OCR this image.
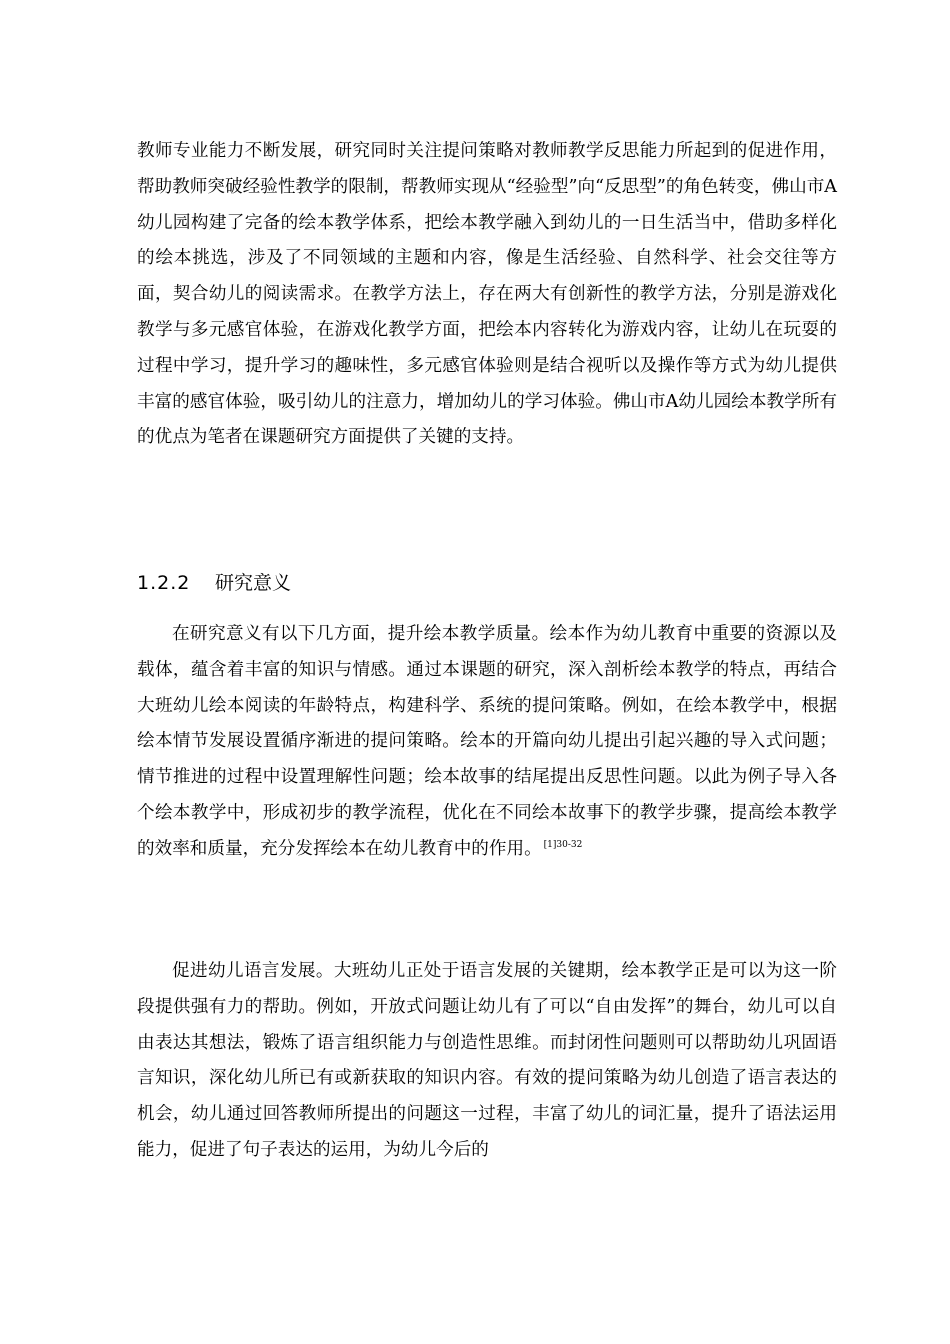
教师专业能力不断发展，研究同时关注提问策略对教师教学反思能力所起到的促进作用，帮助教师突破经验性教学的限制，帮教师实现从“经验型”向“反思型”的角色转变，佛山市A幼儿园构建了完备的绘本教学体系，把绘本教学融入到幼儿的一日生活当中，借助多样化的绘本挑选，涉及了不同领域的主题和内容，像是生活经验、自然科学、社会交往等方面，契合幼儿的阅读需求。在教学方法上，存在两大有创新性的教学方法，分别是游戏化教学与多元感官体验，在游戏化教学方面，把绘本内容转化为游戏内容，让幼儿在玩耍的过程中学习，提升学习的趣味性，多元感官体验则是结合视听以及操作等方式为幼儿提供丰富的感官体验，吸引幼儿的注意力，增加幼儿的学习体验。佛山市A幼儿园绘本教学所有的优点为笔者在课题研究方面提供了关键的支持。

1.2.2 研究意义

在研究意义有以下几方面，提升绘本教学质量。绘本作为幼儿教育中重要的资源以及载体，蕴含着丰富的知识与情感。通过本课题的研究，深入剖析绘本教学的特点，再结合大班幼儿绘本阅读的年龄特点，构建科学、系统的提问策略。例如，在绘本教学中，根据绘本情节发展设置循序渐进的提问策略。绘本的开篇向幼儿提出引起兴趣的导入式问题；情节推进的过程中设置理解性问题；绘本故事的结尾提出反思性问题。以此为例子导入各个绘本教学中，形成初步的教学流程，优化在不同绘本故事下的教学步骤，提高绘本教学的效率和质量，充分发挥绘本在幼儿教育中的作用。 $^{[1]30-32}$

促进幼儿语言发展。大班幼儿正处于语言发展的关键期，绘本教学正是可以为这一阶段提供强有力的帮助。例如，开放式问题让幼儿有了可以“自由发挥”的舞台，幼儿可以自由表达其想法，锻炼了语言组织能力与创造性思维。而封闭性问题则可以帮助幼儿巩固语言知识，深化幼儿所已有或新获取的知识内容。有效的提问策略为幼儿创造了语言表达的机会，幼儿通过回答教师所提出的问题这一过程，丰富了幼儿的词汇量，提升了语法运用能力，促进了句子表达的运用，为幼儿今后的
